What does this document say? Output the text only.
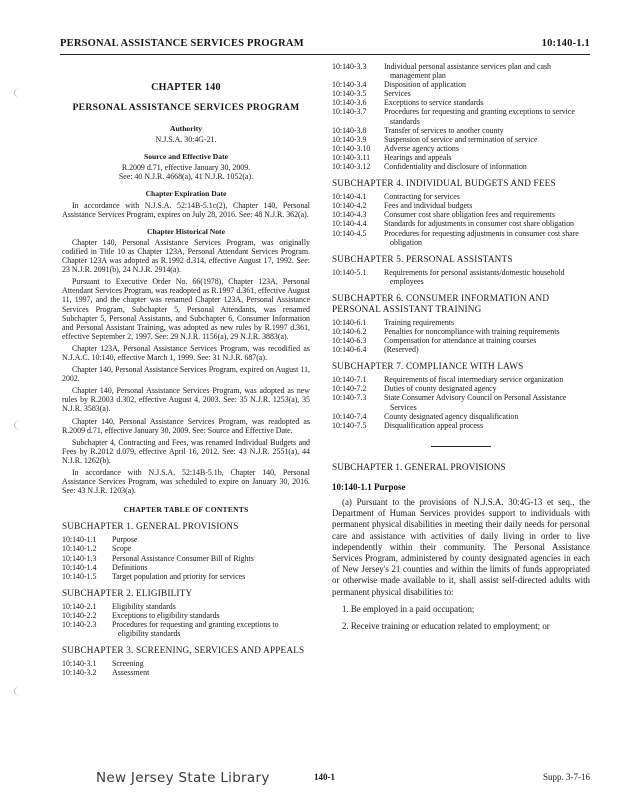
PERSONAL ASSISTANCE SERVICES PROGRAM	10:140-1.1
CHAPTER 140
PERSONAL ASSISTANCE SERVICES PROGRAM
Authority
N.J.S.A. 30:4G-21.
Source and Effective Date
R.2009 d.71, effective January 30, 2009.
See: 40 N.J.R. 4668(a), 41 N.J.R. 1052(a).
Chapter Expiration Date
In accordance with N.J.S.A. 52:14B-5.1c(2), Chapter 140, Personal Assistance Services Program, expires on July 28, 2016. See: 48 N.J.R. 362(a).
Chapter Historical Note
Chapter 140, Personal Assistance Services Program, was originally codified in Title 10 as Chapter 123A, Personal Attendant Services Program. Chapter 123A was adopted as R.1992 d.314, effective August 17, 1992. See: 23 N.J.R. 2091(b), 24 N.J.R. 2914(a).
Pursuant to Executive Order No. 66(1978), Chapter 123A, Personal Attendant Services Program, was readopted as R.1997 d.361, effective August 11, 1997, and the chapter was renamed Chapter 123A, Personal Assistance Services Program, Subchapter 5, Personal Attendants, was renamed Subchapter 5, Personal Assistants, and Subchapter 6, Consumer Information and Personal Assistant Training, was adopted as new rules by R.1997 d.361, effective September 2, 1997. See: 29 N.J.R. 1156(a), 29 N.J.R. 3883(a).
Chapter 123A, Personal Assistance Services Program, was recodified as N.J.A.C. 10:140, effective March 1, 1999. See: 31 N.J.R. 687(a).
Chapter 140, Personal Assistance Services Program, expired on August 11, 2002.
Chapter 140, Personal Assistance Services Program, was adopted as new rules by R.2003 d.302, effective August 4, 2003. See: 35 N.J.R. 1253(a), 35 N.J.R. 3583(a).
Chapter 140, Personal Assistance Services Program, was readopted as R.2009 d.71, effective January 30, 2009. See: Source and Effective Date.
Subchapter 4, Contracting and Fees, was renamed Individual Budgets and Fees by R.2012 d.079, effective April 16, 2012. See: 43 N.J.R. 2551(a), 44 N.J.R. 1262(b).
In accordance with N.J.S.A. 52:14B-5.1b, Chapter 140, Personal Assistance Services Program, was scheduled to expire on January 30, 2016. See: 43 N.J.R. 1203(a).
CHAPTER TABLE OF CONTENTS
SUBCHAPTER 1. GENERAL PROVISIONS
10:140-1.1	Purpose
10:140-1.2	Scope
10:140-1.3	Personal Assistance Consumer Bill of Rights
10:140-1.4	Definitions
10:140-1.5	Target population and priority for services
SUBCHAPTER 2. ELIGIBILITY
10:140-2.1	Eligibility standards
10:140-2.2	Exceptions to eligibility standards
10:140-2.3	Procedures for requesting and granting exceptions to eligibility standards
SUBCHAPTER 3. SCREENING, SERVICES AND APPEALS
10:140-3.1	Screening
10:140-3.2	Assessment
10:140-3.3	Individual personal assistance services plan and cash management plan
10:140-3.4	Disposition of application
10:140-3.5	Services
10:140-3.6	Exceptions to service standards
10:140-3.7	Procedures for requesting and granting exceptions to service standards
10:140-3.8	Transfer of services to another county
10:140-3.9	Suspension of service and termination of service
10:140-3.10	Adverse agency actions
10:140-3.11	Hearings and appeals
10:140-3.12	Confidentiality and disclosure of information
SUBCHAPTER 4. INDIVIDUAL BUDGETS AND FEES
10:140-4.1	Contracting for services
10:140-4.2	Fees and individual budgets
10:140-4.3	Consumer cost share obligation fees and requirements
10:140-4.4	Standards for adjustments in consumer cost share obligation
10:140-4.5	Procedures for requesting adjustments in consumer cost share obligation
SUBCHAPTER 5. PERSONAL ASSISTANTS
10:140-5.1	Requirements for personal assistants/domestic household employees
SUBCHAPTER 6. CONSUMER INFORMATION AND PERSONAL ASSISTANT TRAINING
10:140-6.1	Training requirements
10:140-6.2	Penalties for noncompliance with training requirements
10:140-6.3	Compensation for attendance at training courses
10:140-6.4	(Reserved)
SUBCHAPTER 7. COMPLIANCE WITH LAWS
10:140-7.1	Requirements of fiscal intermediary service organization
10:140-7.2	Duties of county designated agency
10:140-7.3	State Consumer Advisory Council on Personal Assistance Services
10:140-7.4	County designated agency disqualification
10:140-7.5	Disqualification appeal process
SUBCHAPTER 1. GENERAL PROVISIONS
10:140-1.1 Purpose
(a) Pursuant to the provisions of N.J.S.A. 30:4G-13 et seq., the Department of Human Services provides support to individuals with permanent physical disabilities in meeting their daily needs for personal care and assistance with activities of daily living in order to live independently within their community. The Personal Assistance Services Program, administered by county designated agencies in each of New Jersey's 21 counties and within the limits of funds appropriated or otherwise made available to it, shall assist self-directed adults with permanent physical disabilities to:
1. Be employed in a paid occupation;
2. Receive training or education related to employment; or
New Jersey State Library	140-1	Supp. 3-7-16
